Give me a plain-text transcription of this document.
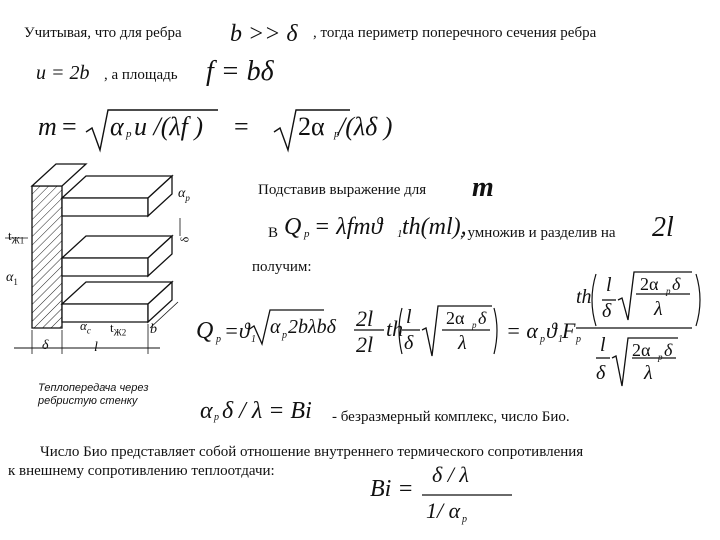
Учитывая, что для ребра b >> δ , тогда периметр поперечного сечения ребра
u = 2b , а площадь f = bδ
m = α p u /(λf ) = 2α p
/(λδ )
Подставив выражение для m
В Q p = λfmϑ 1 th(ml),
, умножив и разделив на 2l
получим:
Q p =ϑ 1
α p 2bλbδ 2l
2l
th l
δ
2α p δ
λ = α p ϑ 1 F p
th
l
δ
2α p δ
λ
l
δ
2α p δ
λ
$\alpha_p$
$t_{Ж1}$
$\alpha_1$
$\alpha_c$ $t_{Ж2}$ b
δ	l
δ
Теплопередача через ребристую стенку	α p δ / λ = Bi - безразмерный комплекс, число Био.
Число Био представляет собой отношение внутреннего термического сопротивления
к внешнему сопротивлению теплоотдачи:
Bi =
δ / λ
1/ α p
